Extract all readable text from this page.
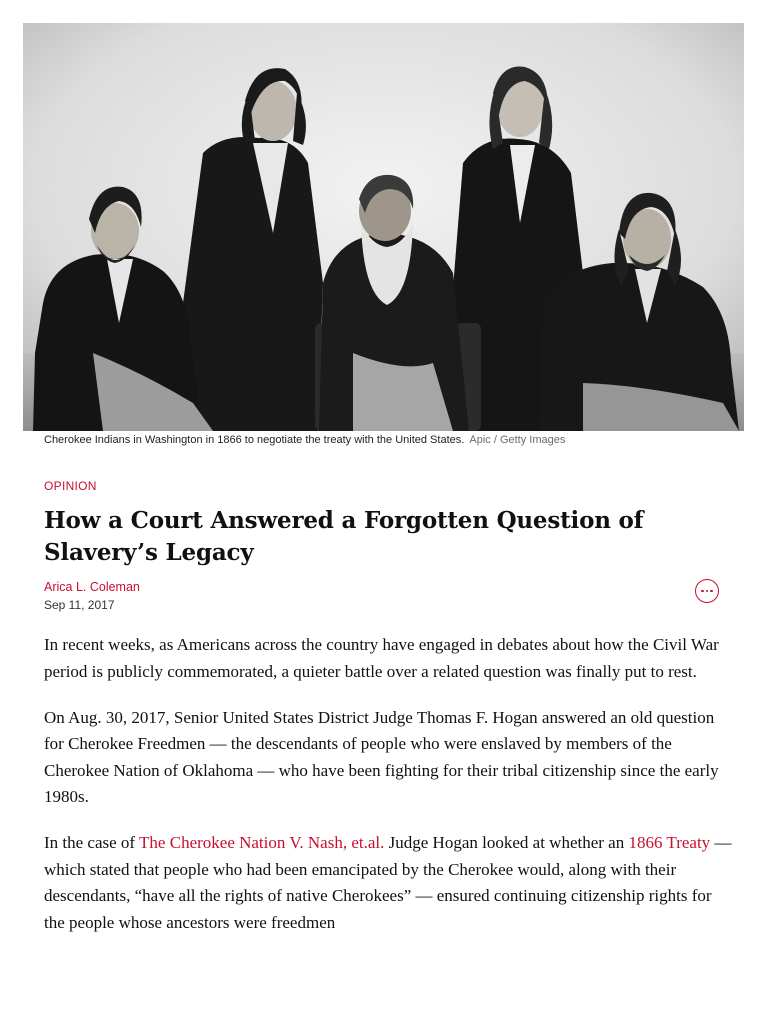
Cherokee Indians in Washington in 1866 to negotiate the treaty with the United States. Apic / Getty Images
OPINION
How a Court Answered a Forgotten Question of Slavery’s Legacy
Arica L. Coleman
Sep 11, 2017

In recent weeks, as Americans across the country have engaged in debates about how the Civil War period is publicly commemorated, a quieter battle over a related question was finally put to rest.

On Aug. 30, 2017, Senior United States District Judge Thomas F. Hogan answered an old question for Cherokee Freedmen — the descendants of people who were enslaved by members of the Cherokee Nation of Oklahoma — who have been fighting for their tribal citizenship since the early 1980s.

In the case of The Cherokee Nation V. Nash, et.al. Judge Hogan looked at whether an 1866 Treaty — which stated that people who had been emancipated by the Cherokee would, along with their descendants, “have all the rights of native Cherokees” — ensured continuing citizenship rights for the people whose ancestors were freedmen
